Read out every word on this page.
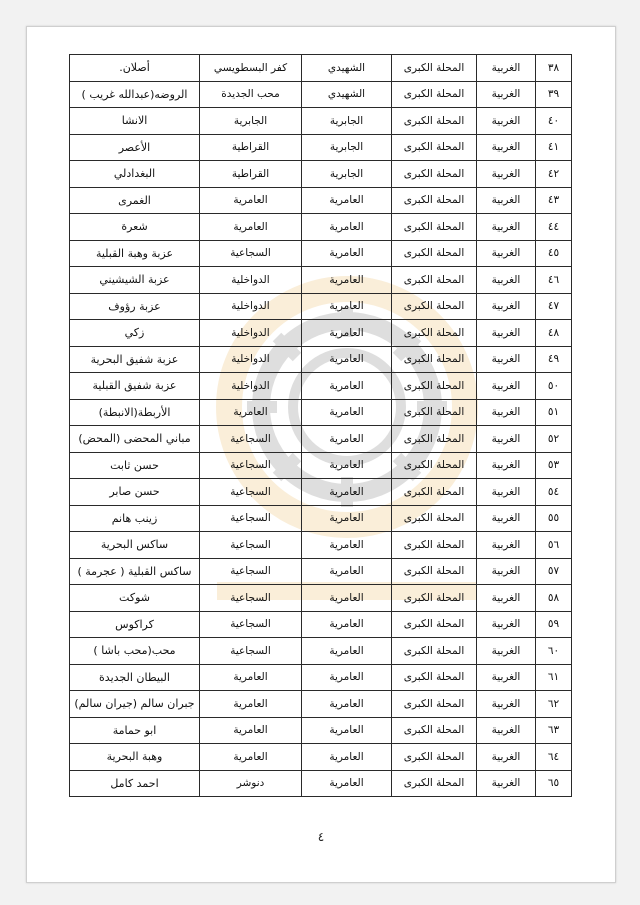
٣٨	الغربية	المحلة الكبرى	الشهيدي	كفر البسطويسي	أصلان.
٣٩	الغربية	المحلة الكبرى	الشهيدي	محب الجديدة	الروضه(عبدالله غريب )
٤٠	الغربية	المحلة الكبرى	الجابرية	الجابرية	الانشا
٤١	الغربية	المحلة الكبرى	الجابرية	القراطية	الأعصر
٤٢	الغربية	المحلة الكبرى	الجابرية	القراطية	البغدادلي
٤٣	الغربية	المحلة الكبرى	العامرية	العامرية	الغمرى
٤٤	الغربية	المحلة الكبرى	العامرية	العامرية	شعرة
٤٥	الغربية	المحلة الكبرى	العامرية	السجاعية	عزبة وهبة القبلية
٤٦	الغربية	المحلة الكبرى	العامرية	الدواخلية	عزبة الشيشيني
٤٧	الغربية	المحلة الكبرى	العامرية	الدواخلية	عزبة رؤوف
٤٨	الغربية	المحلة الكبرى	العامرية	الدواخلية	زكي
٤٩	الغربية	المحلة الكبرى	العامرية	الدواخلية	عزبة شفيق البحرية
٥٠	الغربية	المحلة الكبرى	العامرية	الدواخلية	عزبة شفيق القبلية
٥١	الغربية	المحلة الكبرى	العامرية	العامرية	الأربطة(الانبطة)
٥٢	الغربية	المحلة الكبرى	العامرية	السجاعية	مباني المحضى (المحض)
٥٣	الغربية	المحلة الكبرى	العامرية	السجاعية	حسن ثابت
٥٤	الغربية	المحلة الكبرى	العامرية	السجاعية	حسن صابر
٥٥	الغربية	المحلة الكبرى	العامرية	السجاعية	زينب هانم
٥٦	الغربية	المحلة الكبرى	العامرية	السجاعية	ساكس البحرية
٥٧	الغربية	المحلة الكبرى	العامرية	السجاعية	ساكس القبلية ( عجرمة )
٥٨	الغربية	المحلة الكبرى	العامرية	السجاعية	شوكت
٥٩	الغربية	المحلة الكبرى	العامرية	السجاعية	كراكوس
٦٠	الغربية	المحلة الكبرى	العامرية	السجاعية	محب(محب باشا )
٦١	الغربية	المحلة الكبرى	العامرية	العامرية	البيطان الجديدة
٦٢	الغربية	المحلة الكبرى	العامرية	العامرية	جبران سالم (جيران سالم)
٦٣	الغربية	المحلة الكبرى	العامرية	العامرية	ابو حمامة
٦٤	الغربية	المحلة الكبرى	العامرية	العامرية	وهبة البحرية
٦٥	الغربية	المحلة الكبرى	العامرية	دنوشر	احمد كامل
٤
